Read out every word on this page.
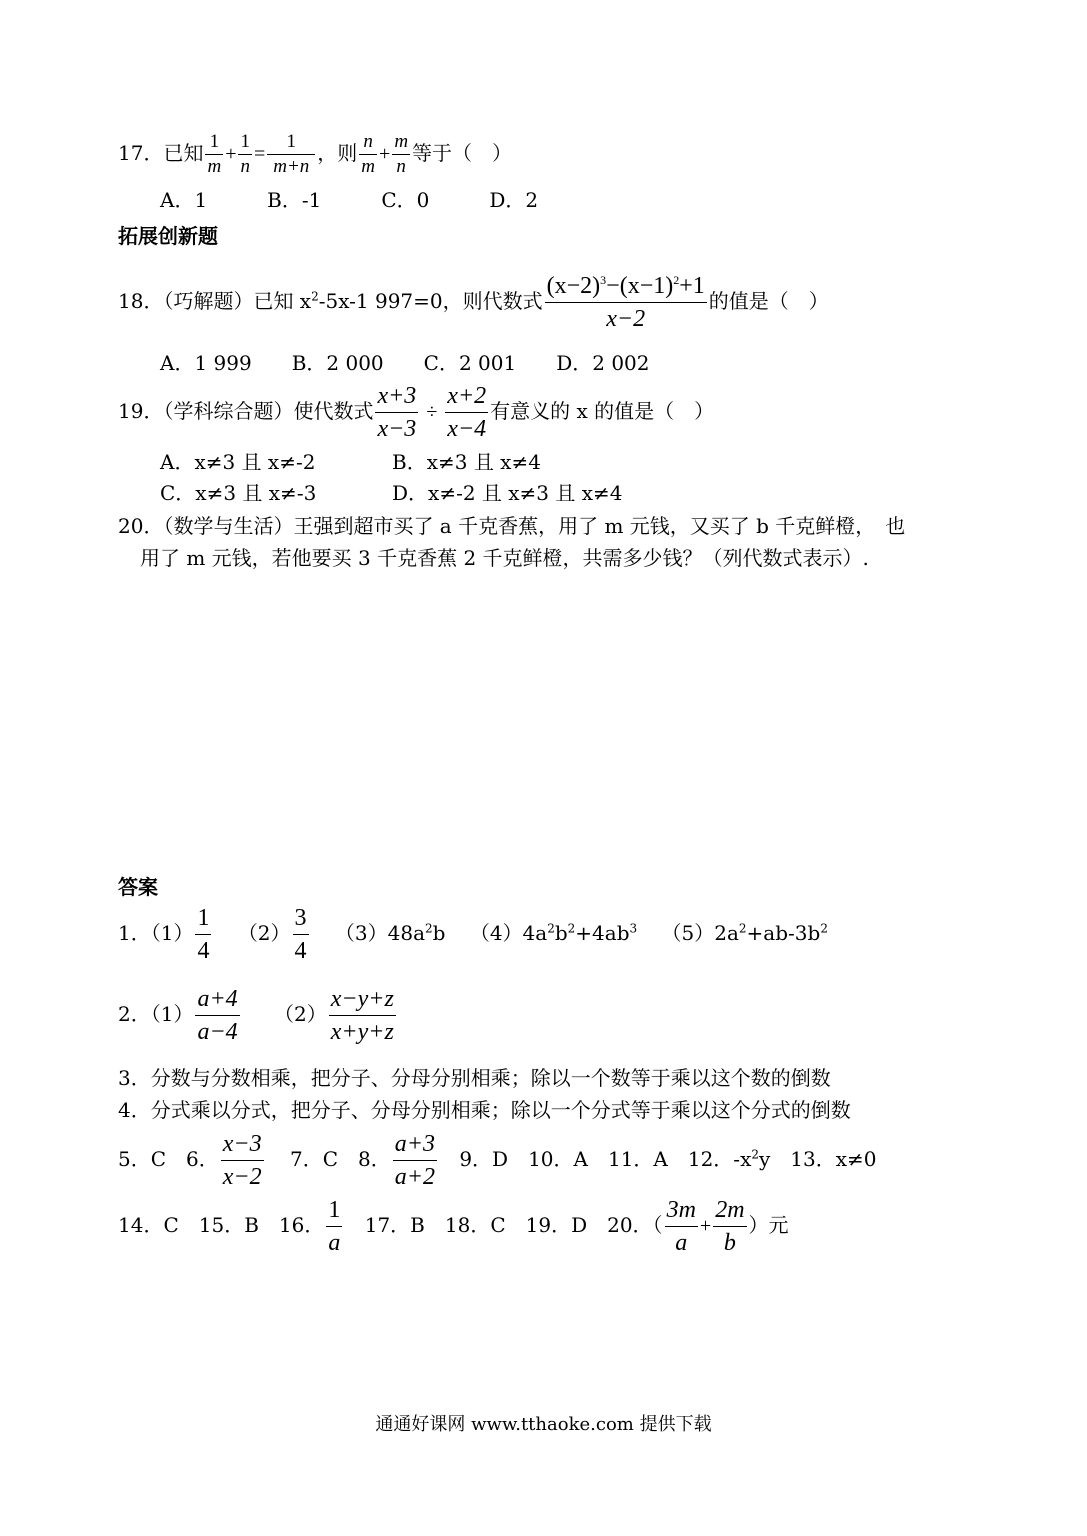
17．已知 $\frac{1}{m} + \frac{1}{n} = \frac{1}{m+n}$ ，则 $\frac{n}{m} + \frac{m}{n}$ 等于（　）
A．1　　　B．-1　　　C．0　　　D．2
拓展创新题
18．（巧解题）已知 $x^2-5x-1$ 997=0，则代数式 $\frac{(x-2)^3-(x-1)^2+1}{x-2}$ 的值是（　）
A．1 999　　B．2 000　　C．2 001　　D．2 002
19．（学科综合题）使代数式 $\frac{x+3}{x-3} \div \frac{x+2}{x-4}$ 有意义的 x 的值是（　）
A．x≠3 且 x≠-2	B．x≠3 且 x≠4
C．x≠3 且 x≠-3	D．x≠-2 且 x≠3 且 x≠4
20．（数学与生活）王强到超市买了 a 千克香蕉，用了 m 元钱，又买了 b 千克鲜橙，　也
用了 m 元钱，若他要买 3 千克香蕉 2 千克鲜橙，共需多少钱？（列代数式表示）.
答案
1．$(1) \frac{1}{4} (2) \frac{3}{4} (3)48a^2b$ $(4)4a^2b^2+4ab^3$ $(5)2a^2+ab-3b^2$
2．$(1) \frac{a+4}{a-4} (2) \frac{x-y+z}{x+y+z}$
3．分数与分数相乘，把分子、分母分别相乘；除以一个数等于乘以这个数的倒数
4．分式乘以分式，把分子、分母分别相乘；除以一个分式等于乘以这个分式的倒数
5．C　6． $\frac{x-3}{x-2} 7$．C　8． $\frac{a+3}{a+2} 9$．D　10．A　11．A　12．$-x^2y$　13．x≠0
14．C　15．B　16． $\frac{1}{a} 17$．B　18．C　19．D　20．（ $\frac{3m}{a} + \frac{2m}{b}$ ）元
通通好课网 www.tthaoke.com 提供下载
